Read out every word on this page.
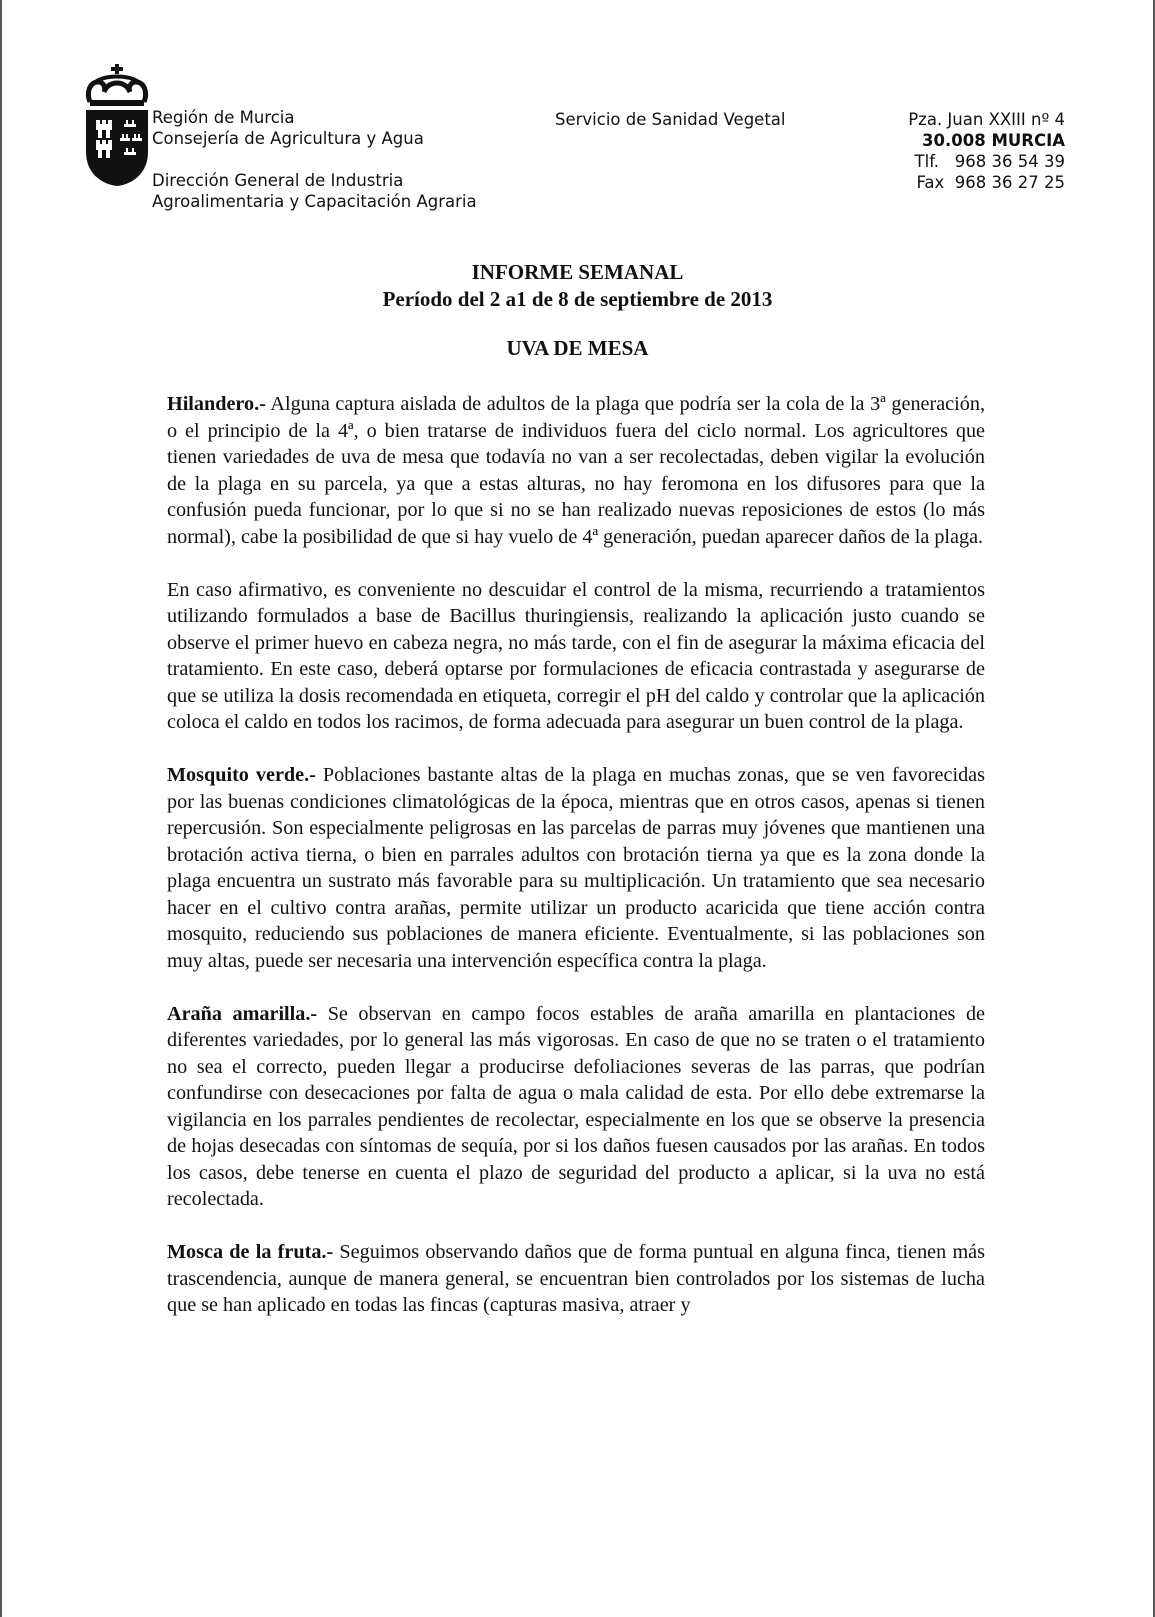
Región de Murcia
Consejería de Agricultura y Agua
Dirección General de Industria
Agroalimentaria y Capacitación Agraria
Servicio de Sanidad Vegetal	Pza. Juan XXIII nº 4
30.008 MURCIA
Tlf.   968 36 54 39
Fax  968 36 27 25
INFORME SEMANAL
Período del 2 a1 de 8 de septiembre de 2013
UVA DE MESA

Hilandero.- Alguna captura aislada de adultos de la plaga que podría ser la cola de la 3ª generación, o el principio de la 4ª, o bien tratarse de individuos fuera del ciclo normal. Los agricultores que tienen variedades de uva de mesa que todavía no van a ser recolectadas, deben vigilar la evolución de la plaga en su parcela, ya que a estas alturas, no hay feromona en los difusores para que la confusión pueda funcionar, por lo que si no se han realizado nuevas reposiciones de estos (lo más normal), cabe la posibilidad de que si hay vuelo de 4ª generación, puedan aparecer daños de la plaga.

En caso afirmativo, es conveniente no descuidar el control de la misma, recurriendo a tratamientos utilizando formulados a base de Bacillus thuringiensis, realizando la aplicación justo cuando se observe el primer huevo en cabeza negra, no más tarde, con el fin de asegurar la máxima eficacia del tratamiento. En este caso, deberá optarse por formulaciones de eficacia contrastada y asegurarse de que se utiliza la dosis recomendada en etiqueta, corregir el pH del caldo y controlar que la aplicación coloca el caldo en todos los racimos, de forma adecuada para asegurar un buen control de la plaga.

Mosquito verde.- Poblaciones bastante altas de la plaga en muchas zonas, que se ven favorecidas por las buenas condiciones climatológicas de la época, mientras que en otros casos, apenas si tienen repercusión. Son especialmente peligrosas en las parcelas de parras muy jóvenes que mantienen una brotación activa tierna, o bien en parrales adultos con brotación tierna ya que es la zona donde la plaga encuentra un sustrato más favorable para su multiplicación. Un tratamiento que sea necesario hacer en el cultivo contra arañas, permite utilizar un producto acaricida que tiene acción contra mosquito, reduciendo sus poblaciones de manera eficiente. Eventualmente, si las poblaciones son muy altas, puede ser necesaria una intervención específica contra la plaga.

Araña amarilla.- Se observan en campo focos estables de araña amarilla en plantaciones de diferentes variedades, por lo general las más vigorosas. En caso de que no se traten o el tratamiento no sea el correcto, pueden llegar a producirse defoliaciones severas de las parras, que podrían confundirse con desecaciones por falta de agua o mala calidad de esta. Por ello debe extremarse la vigilancia en los parrales pendientes de recolectar, especialmente en los que se observe la presencia de hojas desecadas con síntomas de sequía, por si los daños fuesen causados por las arañas. En todos los casos, debe tenerse en cuenta el plazo de seguridad del producto a aplicar, si la uva no está recolectada.

Mosca de la fruta.- Seguimos observando daños que de forma puntual en alguna finca, tienen más trascendencia, aunque de manera general, se encuentran bien controlados por los sistemas de lucha que se han aplicado en todas las fincas (capturas masiva, atraer y
